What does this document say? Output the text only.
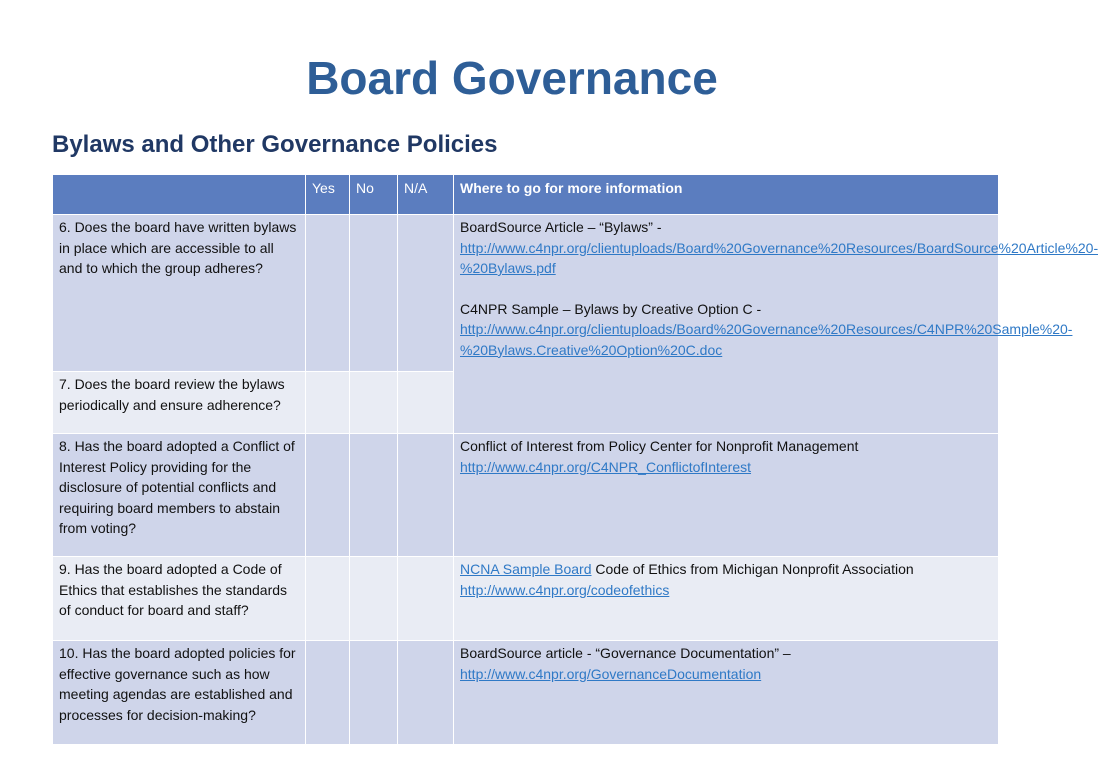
Board Governance
Bylaws and Other Governance Policies
	Yes	No	N/A	Where to go for more information
6. Does the board have written bylaws in place which are accessible to all and to which the group adheres?				BoardSource Article – “Bylaws” -
http://www.c4npr.org/clientuploads/Board%20Governance%20Resources/BoardSource%20Article%20-%20Bylaws.pdf
C4NPR Sample – Bylaws by Creative Option C -
http://www.c4npr.org/clientuploads/Board%20Governance%20Resources/C4NPR%20Sample%20-%20Bylaws.Creative%20Option%20C.doc
7. Does the board review the bylaws periodically and ensure adherence?				
8. Has the board adopted a Conflict of Interest Policy providing for the disclosure of potential conflicts and requiring board members to abstain from voting?				Conflict of Interest from Policy Center for Nonprofit Management
http://www.c4npr.org/C4NPR_ConflictofInterest
9. Has the board adopted a Code of Ethics that establishes the standards of conduct for board and staff?				NCNA Sample Board Code of Ethics from Michigan Nonprofit Association
http://www.c4npr.org/codeofethics
10. Has the board adopted policies for effective governance such as how meeting agendas are established and processes for decision-making?				BoardSource article - “Governance Documentation” –
http://www.c4npr.org/GovernanceDocumentation
